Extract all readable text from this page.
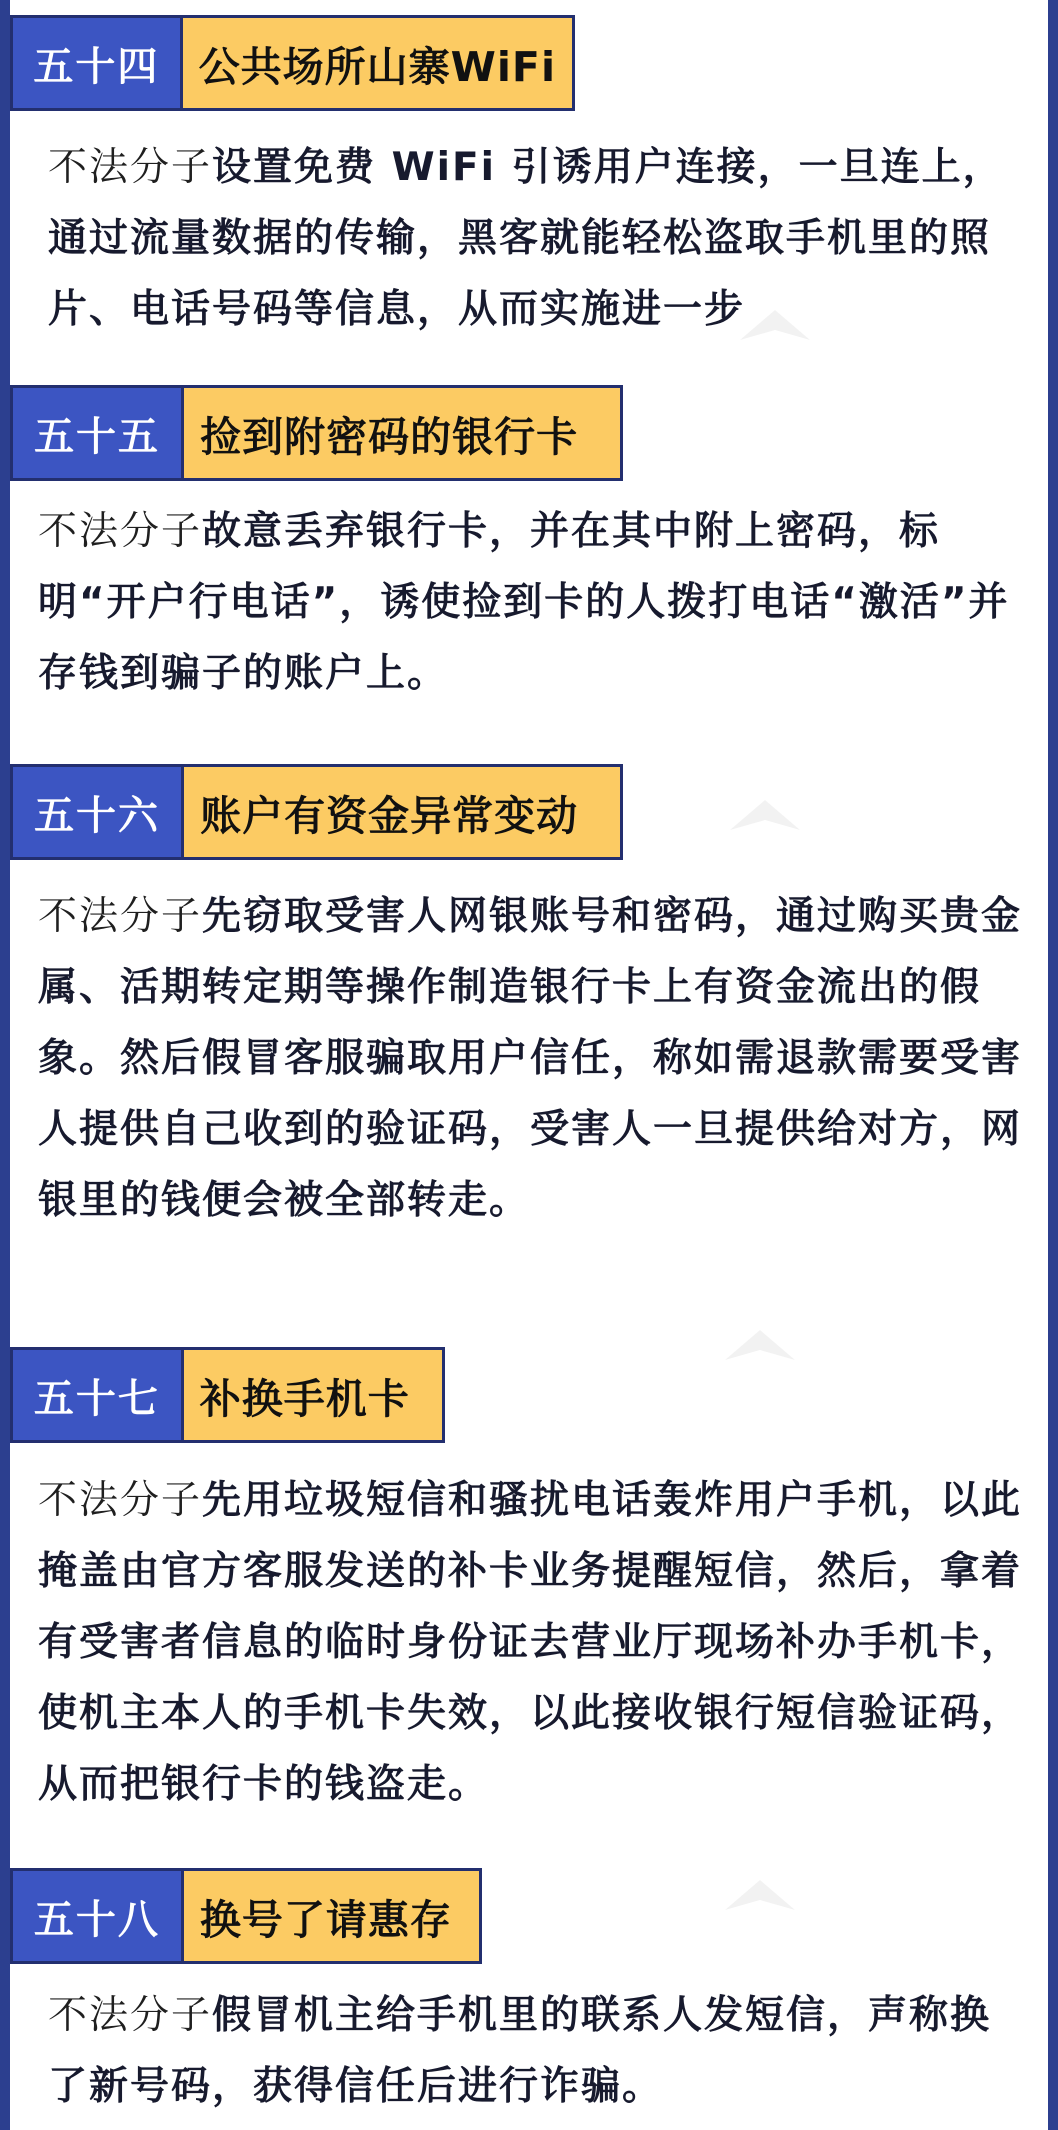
五十四 公共场所山寨WiFi
不法分子设置免费 WiFi 引诱用户连接，一旦连上，通过流量数据的传输，黑客就能轻松盗取手机里的照片、电话号码等信息，从而实施进一步
五十五 捡到附密码的银行卡
不法分子故意丢弃银行卡，并在其中附上密码，标明“开户行电话”，诱使捡到卡的人拨打电话“激活”并存钱到骗子的账户上。
五十六 账户有资金异常变动
不法分子先窃取受害人网银账号和密码，通过购买贵金属、活期转定期等操作制造银行卡上有资金流出的假象。然后假冒客服骗取用户信任，称如需退款需要受害人提供自己收到的验证码，受害人一旦提供给对方，网银里的钱便会被全部转走。
五十七 补换手机卡
不法分子先用垃圾短信和骚扰电话轰炸用户手机，以此掩盖由官方客服发送的补卡业务提醒短信，然后，拿着有受害者信息的临时身份证去营业厅现场补办手机卡，使机主本人的手机卡失效，以此接收银行短信验证码，从而把银行卡的钱盗走。
五十八 换号了请惠存
不法分子假冒机主给手机里的联系人发短信，声称换了新号码，获得信任后进行诈骗。
